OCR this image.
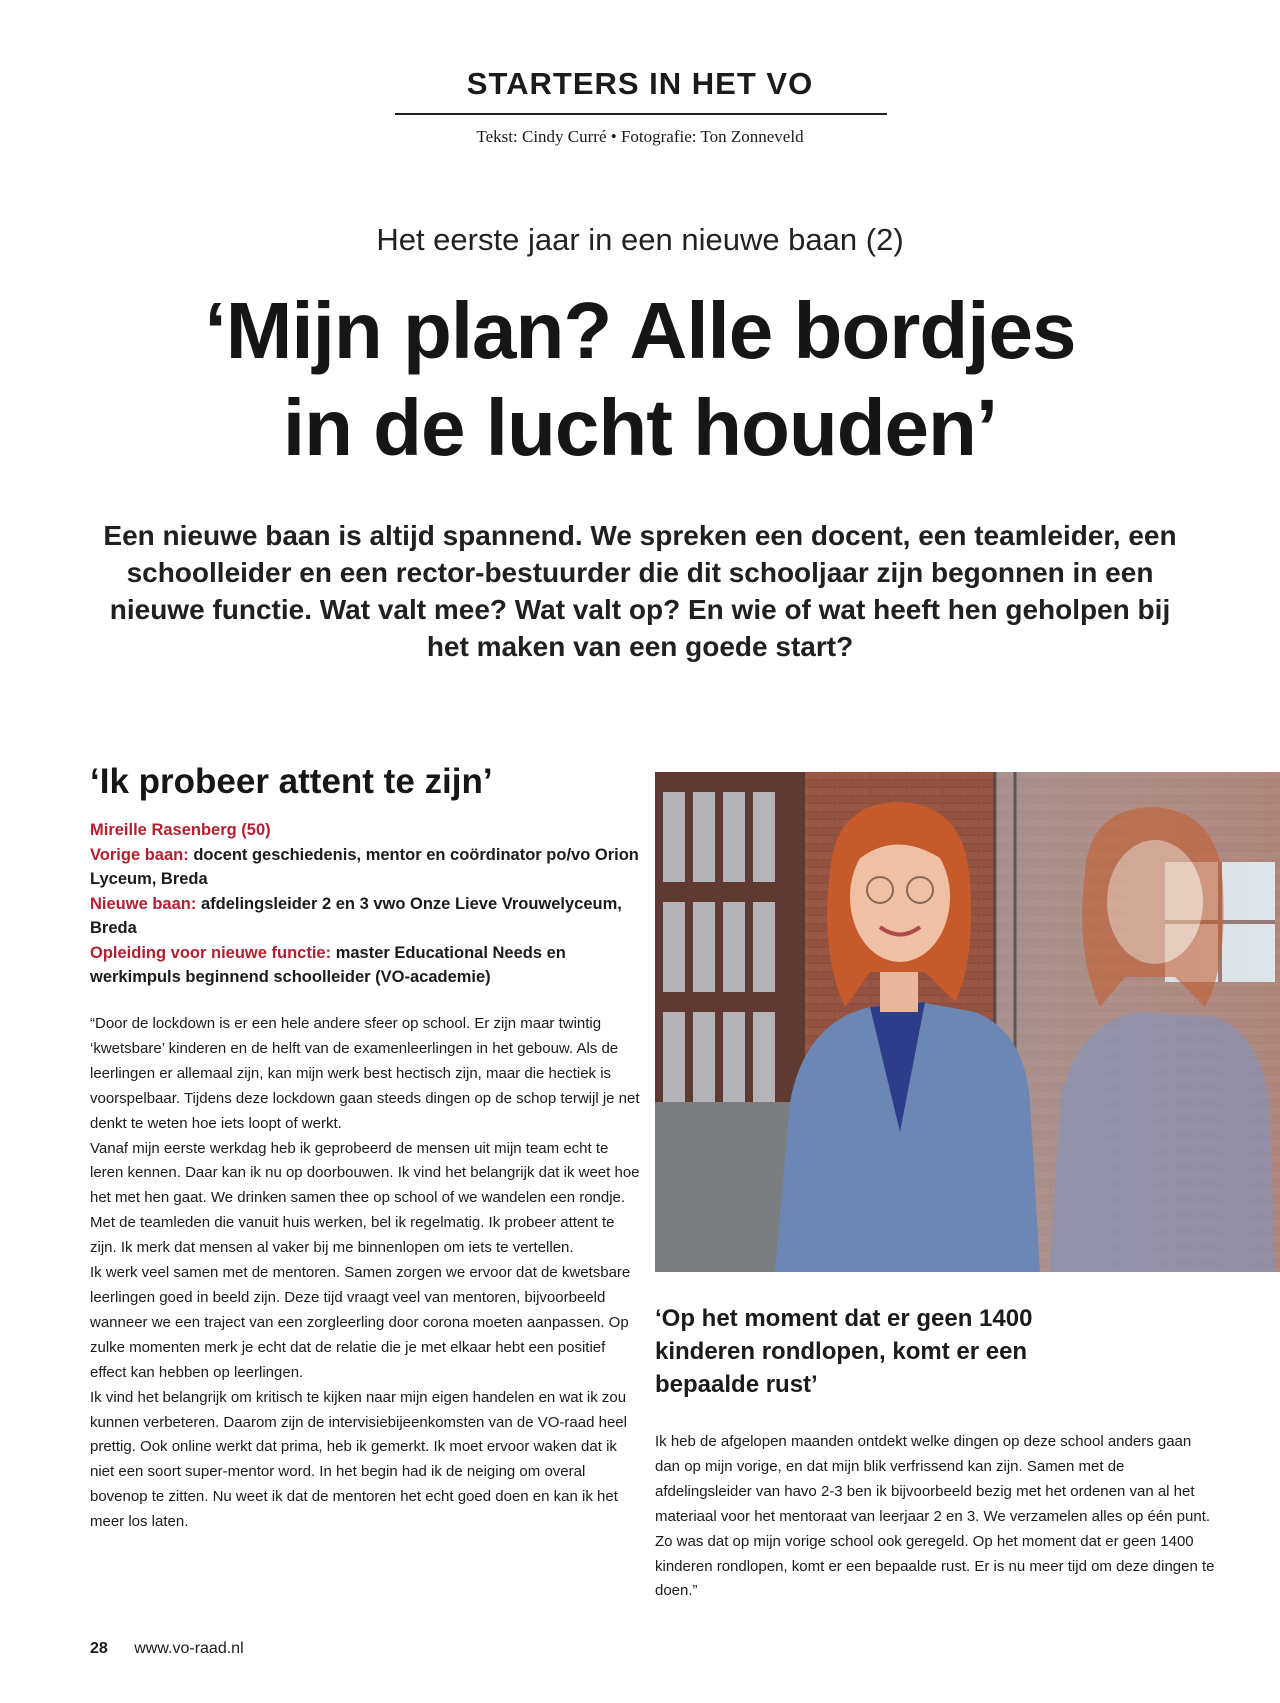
STARTERS IN HET VO
Tekst: Cindy Curré • Fotografie: Ton Zonneveld
Het eerste jaar in een nieuwe baan (2)
‘Mijn plan? Alle bordjes
in de lucht houden’

Een nieuwe baan is altijd spannend. We spreken een docent, een teamleider, een schoolleider en een rector-bestuurder die dit schooljaar zijn begonnen in een nieuwe functie. Wat valt mee? Wat valt op? En wie of wat heeft hen geholpen bij het maken van een goede start?

‘Ik probeer attent te zijn’
Mireille Rasenberg (50)
Vorige baan: docent geschiedenis, mentor en coördinator po/vo Orion Lyceum, Breda
Nieuwe baan: afdelingsleider 2 en 3 vwo Onze Lieve Vrouwelyceum, Breda
Opleiding voor nieuwe functie: master Educational Needs en werkimpuls beginnend schoolleider (VO-academie)

“Door de lockdown is er een hele andere sfeer op school. Er zijn maar twintig ‘kwetsbare’ kinderen en de helft van de examenleerlingen in het gebouw. Als de leerlingen er allemaal zijn, kan mijn werk best hectisch zijn, maar die hectiek is voorspelbaar. Tijdens deze lockdown gaan steeds dingen op de schop terwijl je net denkt te weten hoe iets loopt of werkt.

Vanaf mijn eerste werkdag heb ik geprobeerd de mensen uit mijn team echt te leren kennen. Daar kan ik nu op doorbouwen. Ik vind het belangrijk dat ik weet hoe het met hen gaat. We drinken samen thee op school of we wandelen een rondje. Met de teamleden die vanuit huis werken, bel ik regelmatig. Ik probeer attent te zijn. Ik merk dat mensen al vaker bij me binnenlopen om iets te vertellen.

Ik werk veel samen met de mentoren. Samen zorgen we ervoor dat de kwetsbare leerlingen goed in beeld zijn. Deze tijd vraagt veel van mentoren, bijvoorbeeld wanneer we een traject van een zorgleerling door corona moeten aanpassen. Op zulke momenten merk je echt dat de relatie die je met elkaar hebt een positief effect kan hebben op leerlingen.

Ik vind het belangrijk om kritisch te kijken naar mijn eigen handelen en wat ik zou kunnen verbeteren. Daarom zijn de intervisiebijeenkomsten van de VO-raad heel prettig. Ook online werkt dat prima, heb ik gemerkt. Ik moet ervoor waken dat ik niet een soort super-mentor word. In het begin had ik de neiging om overal bovenop te zitten. Nu weet ik dat de mentoren het echt goed doen en kan ik het meer los laten.

‘Op het moment dat er geen 1400 kinderen rondlopen, komt er een bepaalde rust’

Ik heb de afgelopen maanden ontdekt welke dingen op deze school anders gaan dan op mijn vorige, en dat mijn blik verfrissend kan zijn. Samen met de afdelingsleider van havo 2-3 ben ik bijvoorbeeld bezig met het ordenen van al het materiaal voor het mentoraat van leerjaar 2 en 3. We verzamelen alles op één punt. Zo was dat op mijn vorige school ook geregeld. Op het moment dat er geen 1400 kinderen rondlopen, komt er een bepaalde rust. Er is nu meer tijd om deze dingen te doen.”

28 www.vo-raad.nl
